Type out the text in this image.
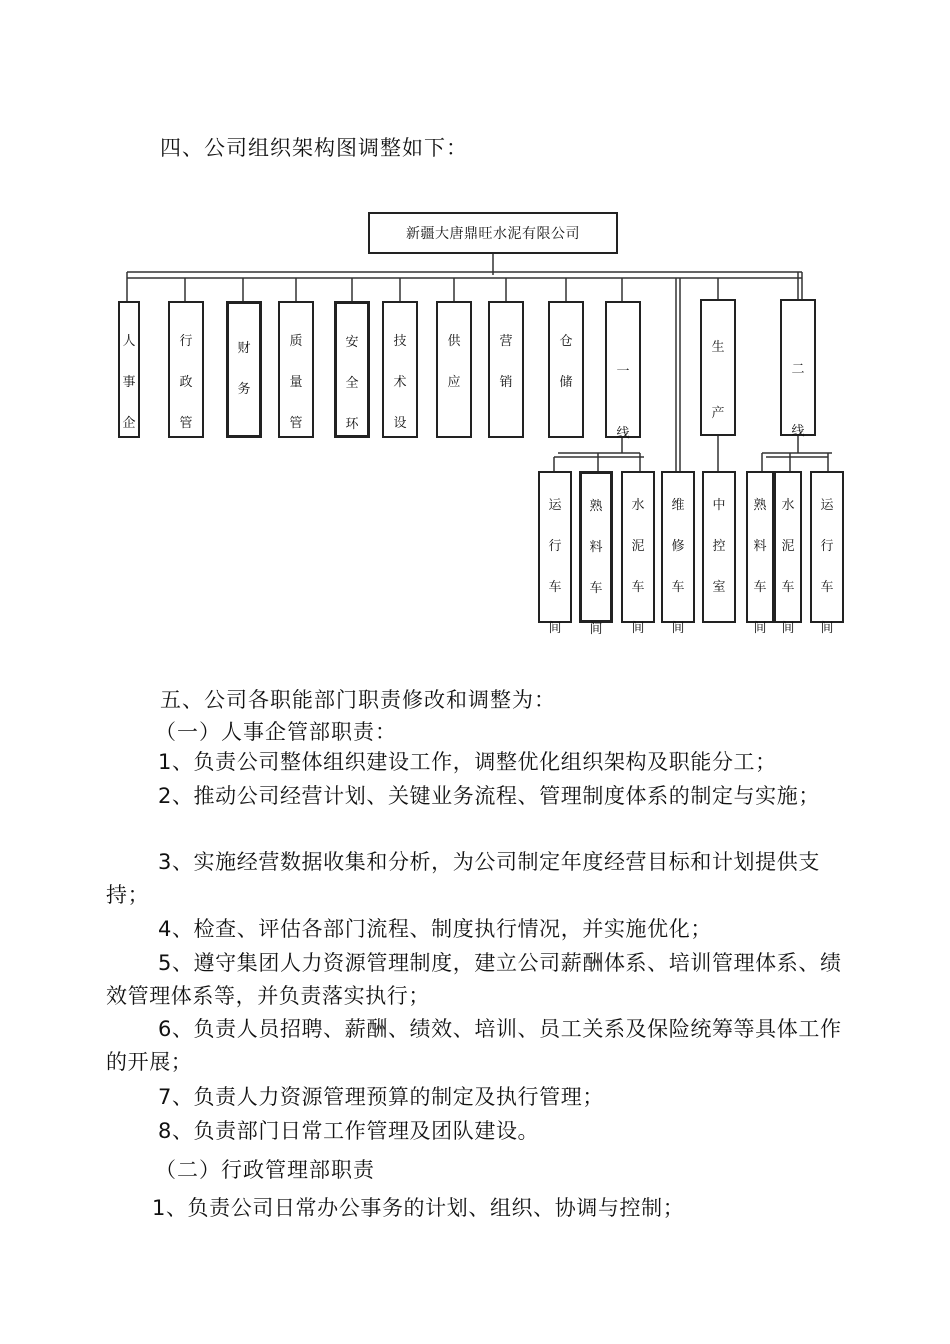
四、公司组织架构图调整如下：
新疆大唐鼎旺水泥有限公司
人事企
行政管
财务
质量管
安全环
技术设
供应
营销
仓储
一线
生产
二线
运行车间
熟料车间
水泥车间
维修车间
中控室
熟料车间
水泥车间
运行车间
五、公司各职能部门职责修改和调整为：
（一）人事企管部职责：
1、负责公司整体组织建设工作，调整优化组织架构及职能分工；
2、推动公司经营计划、关键业务流程、管理制度体系的制定与实施；
3、实施经营数据收集和分析，为公司制定年度经营目标和计划提供支持；
4、检查、评估各部门流程、制度执行情况，并实施优化；
5、遵守集团人力资源管理制度，建立公司薪酬体系、培训管理体系、绩效管理体系等，并负责落实执行；
6、负责人员招聘、薪酬、绩效、培训、员工关系及保险统筹等具体工作的开展；
7、负责人力资源管理预算的制定及执行管理；
8、负责部门日常工作管理及团队建设。
（二）行政管理部职责
1、负责公司日常办公事务的计划、组织、协调与控制；
